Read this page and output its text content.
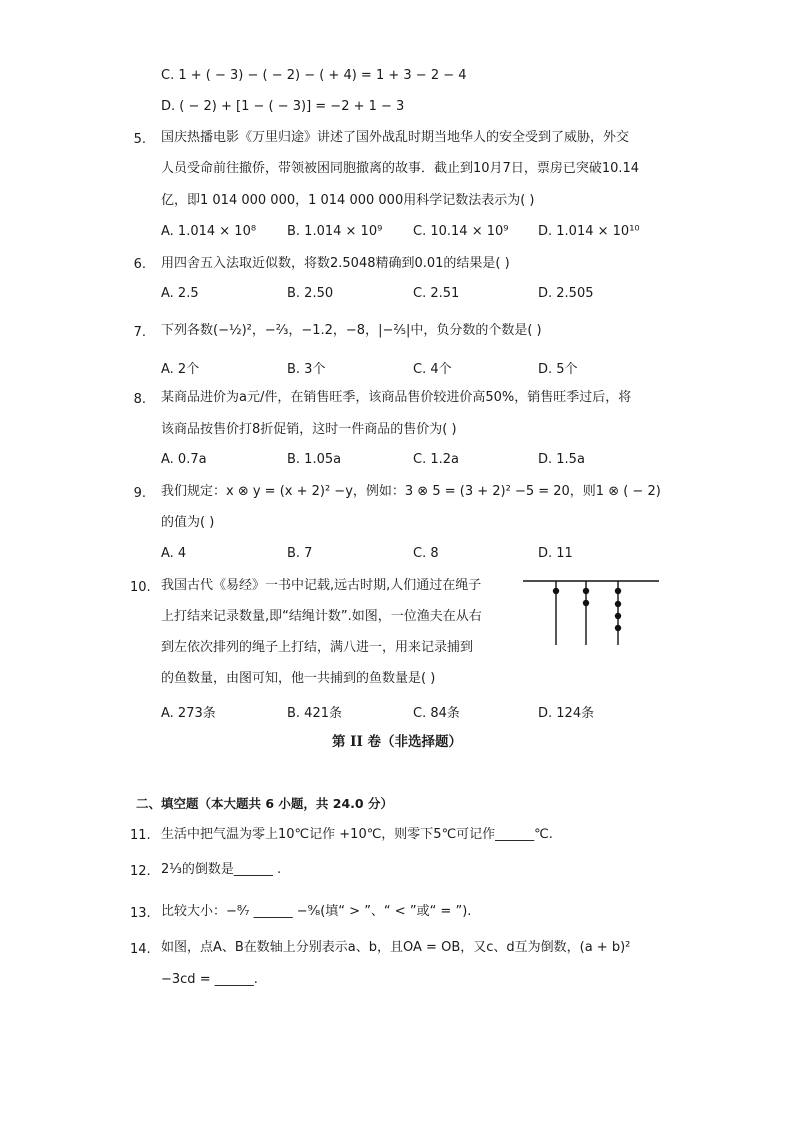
C. 1 + ( − 3) − ( − 2) − ( + 4) = 1 + 3 − 2 − 4
D. ( − 2) + [1 − ( − 3)] = −2 + 1 − 3
5. 国庆热播电影《万里归途》讲述了国外战乱时期当地华人的安全受到了威胁，外交
人员受命前往撤侨，带领被困同胞撤离的故事．截止到10月7日，票房已突破10.14
亿，即1 014 000 000，1 014 000 000用科学记数法表示为( )
A. 1.014 × 10⁸ B. 1.014 × 10⁹ C. 10.14 × 10⁹ D. 1.014 × 10¹⁰
6. 用四舍五入法取近似数，将数2.5048精确到0.01的结果是( )
A. 2.5	B. 2.50	C. 2.51	D. 2.505
7. 下列各数(−½)²，−⅔，−1.2，−8，|−⅖|中，负分数的个数是( )
A. 2个	B. 3个	C. 4个	D. 5个
8. 某商品进价为a元/件，在销售旺季，该商品售价较进价高50%，销售旺季过后，将
该商品按售价打8折促销，这时一件商品的售价为( )
A. 0.7a	B. 1.05a	C. 1.2a	D. 1.5a
9. 我们规定：x ⊗ y = (x + 2)² −y，例如：3 ⊗ 5 = (3 + 2)² −5 = 20，则1 ⊗ ( − 2)
的值为( )
A. 4	B. 7	C. 8	D. 11
10. 我国古代《易经》一书中记载,远古时期,人们通过在绳子
上打结来记录数量,即“结绳计数”.如图，一位渔夫在从右
到左依次排列的绳子上打结，满八进一，用来记录捕到
的鱼数量，由图可知，他一共捕到的鱼数量是( )
A. 273条	B. 421条	C. 84条	D. 124条
第 II 卷（非选择题）
二、填空题（本大题共 6 小题，共 24.0 分）
11. 生活中把气温为零上10℃记作 +10℃，则零下5℃可记作______℃.
12. 2⅓的倒数是______ .
13. 比较大小：−⁸⁄₇ ______ −⁹⁄₈(填“ > ”、“ < ”或“ = ”).
14. 如图，点A、B在数轴上分别表示a、b，且OA = OB，又c、d互为倒数，(a + b)²
−3cd = ______.
